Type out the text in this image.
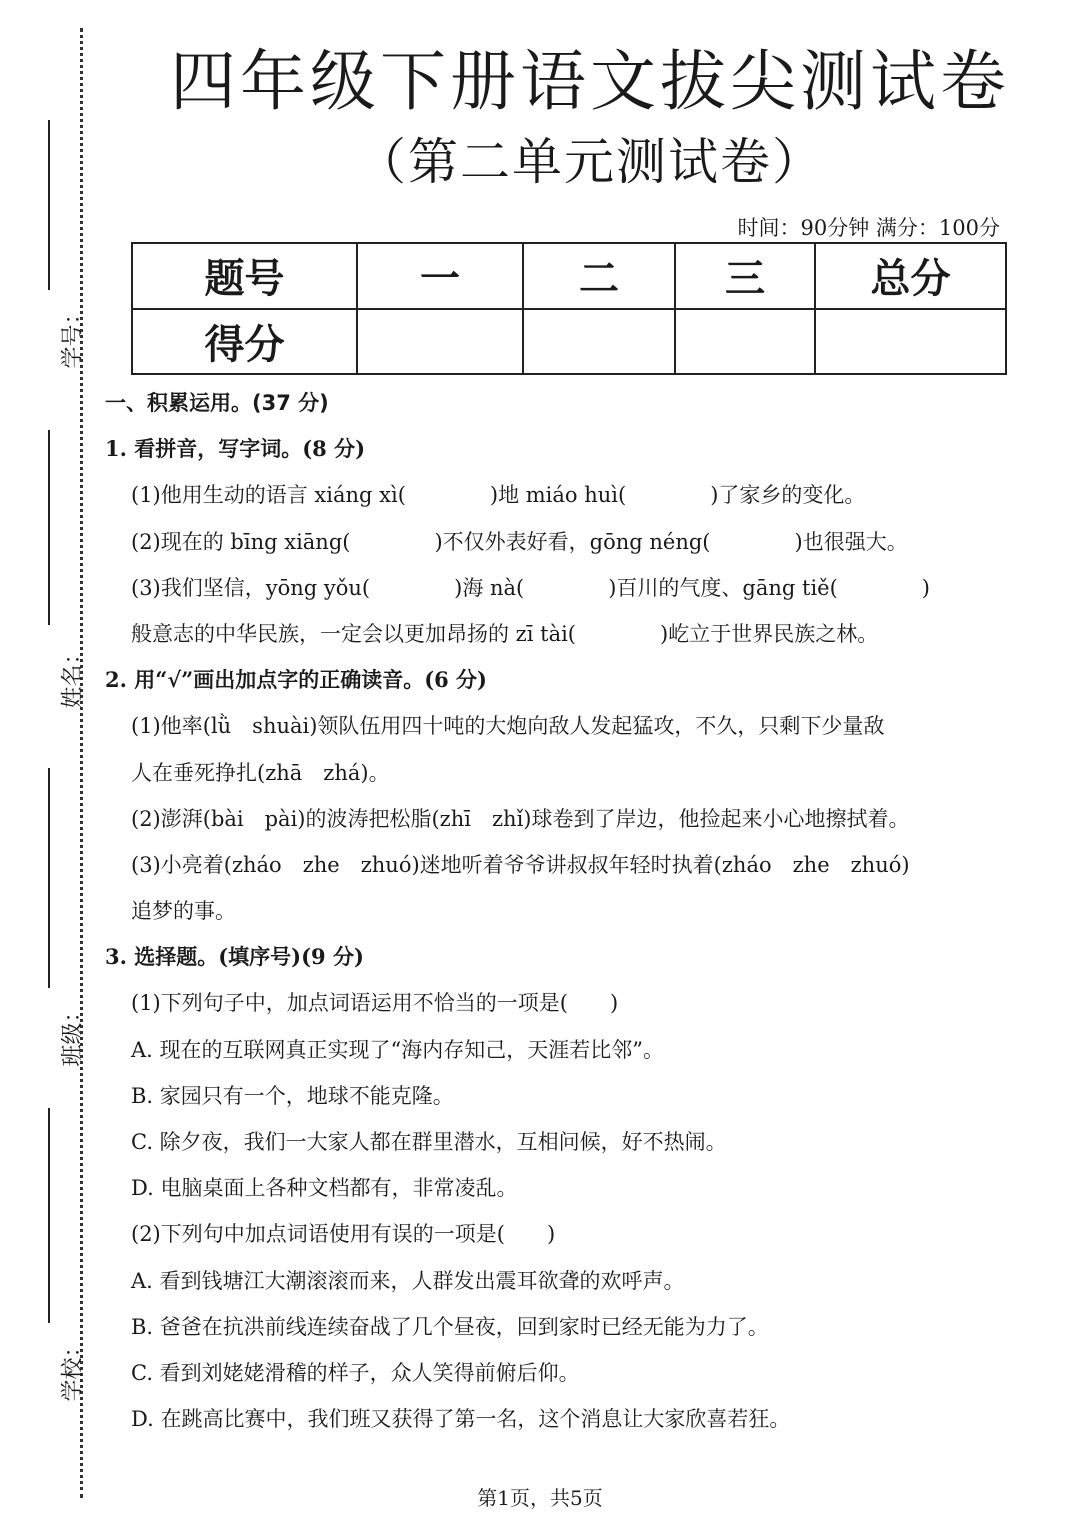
学号：
姓名：
班级：
学校：
四年级下册语文拔尖测试卷
（第二单元测试卷）
时间：90分钟 满分：100分
题号	一	二	三	总分
得分				
一、积累运用。(37 分)
1. 看拼音，写字词。(8 分)
(1)他用生动的语言 xiáng xì(　　　　)地 miáo huì(　　　　)了家乡的变化。
(2)现在的 bīng xiāng(　　　　)不仅外表好看，gōng néng(　　　　)也很强大。
(3)我们坚信，yōng yǒu(　　　　)海 nà(　　　　)百川的气度、gāng tiě(　　　　)
般意志的中华民族，一定会以更加昂扬的 zī tài(　　　　)屹立于世界民族之林。
2. 用“√”画出加点字的正确读音。(6 分)
(1)他率(lǜ　shuài)领队伍用四十吨的大炮向敌人发起猛攻，不久，只剩下少量敌
人在垂死挣扎(zhā　zhá)。
(2)澎湃(bài　pài)的波涛把松脂(zhī　zhǐ)球卷到了岸边，他捡起来小心地擦拭着。
(3)小亮着(zháo　zhe　zhuó)迷地听着爷爷讲叔叔年轻时执着(zháo　zhe　zhuó)
追梦的事。
3. 选择题。(填序号)(9 分)
(1)下列句子中，加点词语运用不恰当的一项是(　　)
A. 现在的互联网真正实现了“海内存知己，天涯若比邻”。
B. 家园只有一个，地球不能克隆。
C. 除夕夜，我们一大家人都在群里潜水，互相问候，好不热闹。
D. 电脑桌面上各种文档都有，非常凌乱。
(2)下列句中加点词语使用有误的一项是(　　)
A. 看到钱塘江大潮滚滚而来，人群发出震耳欲聋的欢呼声。
B. 爸爸在抗洪前线连续奋战了几个昼夜，回到家时已经无能为力了。
C. 看到刘姥姥滑稽的样子，众人笑得前俯后仰。
D. 在跳高比赛中，我们班又获得了第一名，这个消息让大家欣喜若狂。
第1页，共5页
